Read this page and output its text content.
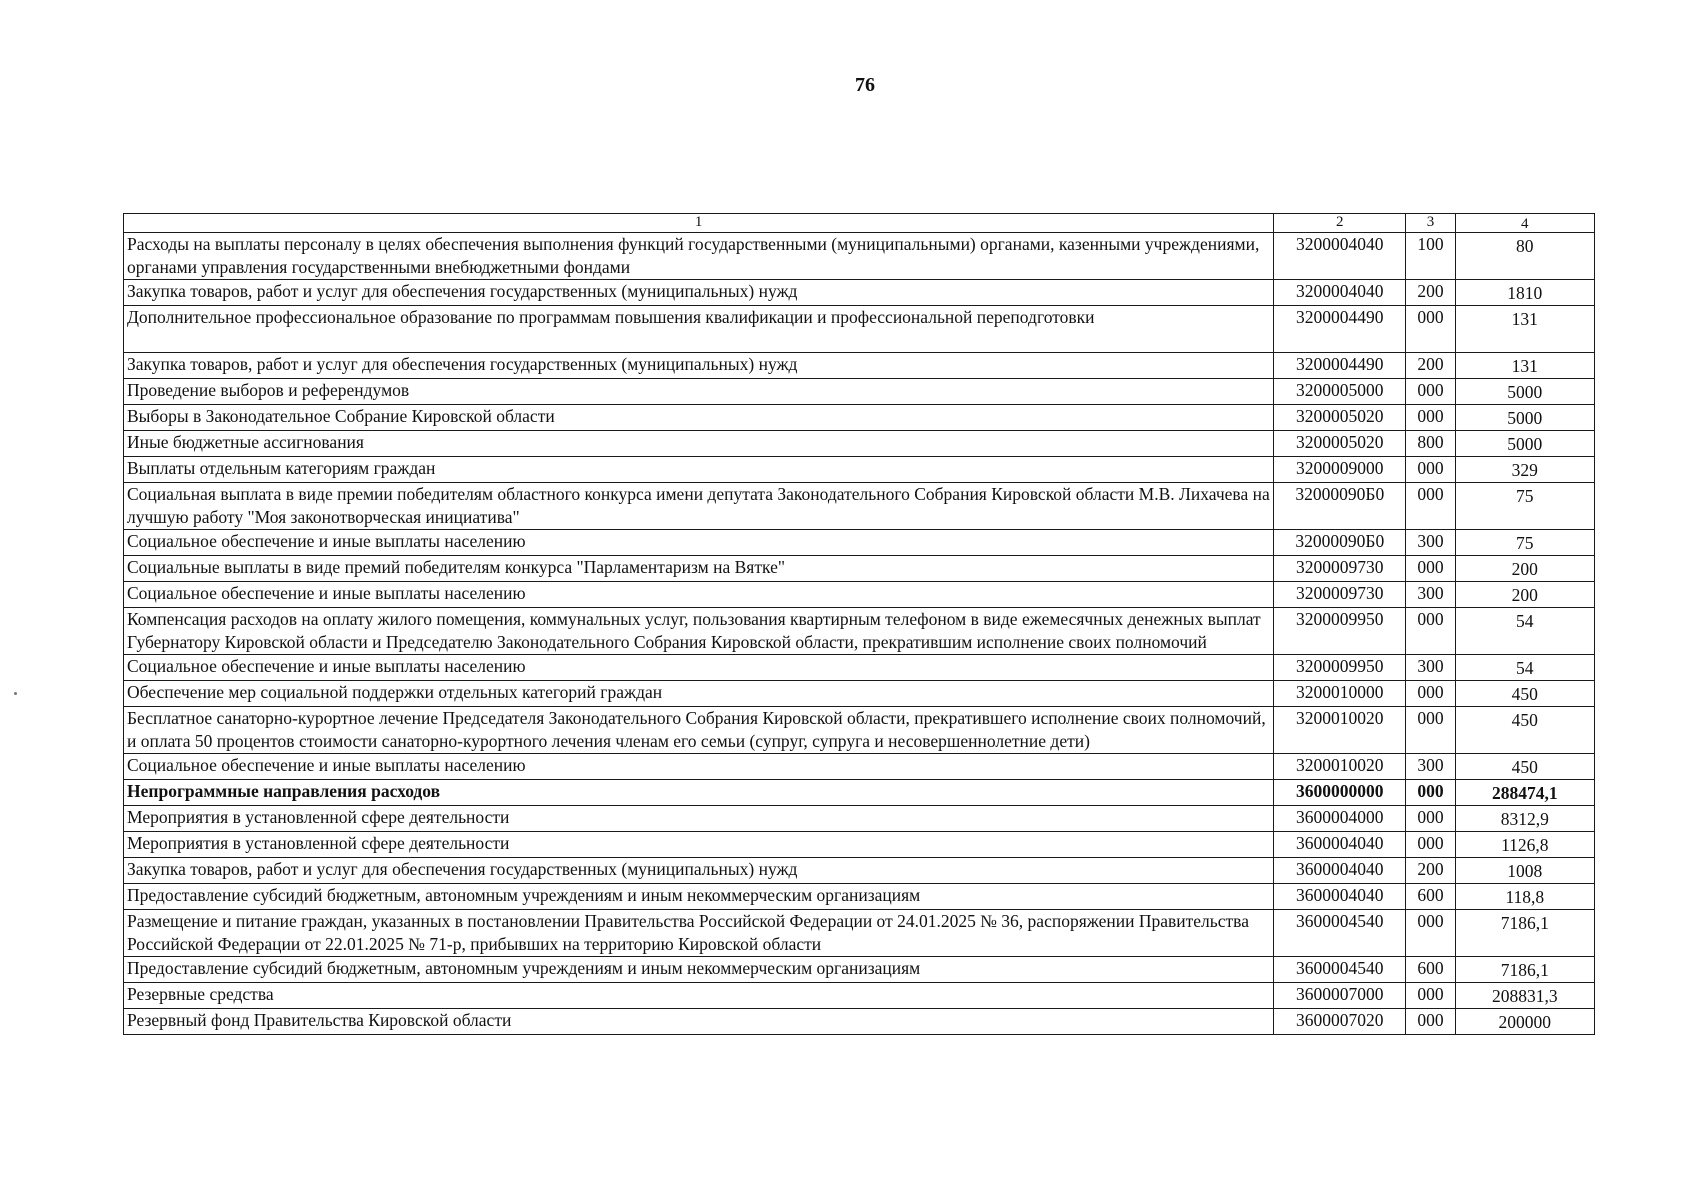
76
1	2	3	4
Расходы на выплаты персоналу в целях обеспечения выполнения функций государственными (муниципальными) органами, казенными учреждениями, органами управления государственными внебюджетными фондами	3200004040	100	80
Закупка товаров, работ и услуг для обеспечения государственных (муниципальных) нужд	3200004040	200	1810
Дополнительное профессиональное образование по программам повышения квалификации и профессиональной переподготовки	3200004490	000	131
Закупка товаров, работ и услуг для обеспечения государственных (муниципальных) нужд	3200004490	200	131
Проведение выборов и референдумов	3200005000	000	5000
Выборы в Законодательное Собрание Кировской области	3200005020	000	5000
Иные бюджетные ассигнования	3200005020	800	5000
Выплаты отдельным категориям граждан	3200009000	000	329
Социальная выплата в виде премии победителям областного конкурса имени депутата Законодательного Собрания Кировской области М.В. Лихачева на лучшую работу "Моя законотворческая инициатива"	32000090Б0	000	75
Социальное обеспечение и иные выплаты населению	32000090Б0	300	75
Социальные выплаты в виде премий победителям конкурса "Парламентаризм на Вятке"	3200009730	000	200
Социальное обеспечение и иные выплаты населению	3200009730	300	200
Компенсация расходов на оплату жилого помещения, коммунальных услуг, пользования квартирным телефоном в виде ежемесячных денежных выплат Губернатору Кировской области и Председателю Законодательного Собрания Кировской области, прекратившим исполнение своих полномочий	3200009950	000	54
Социальное обеспечение и иные выплаты населению	3200009950	300	54
Обеспечение мер социальной поддержки отдельных категорий граждан	3200010000	000	450
Бесплатное санаторно-курортное лечение Председателя Законодательного Собрания Кировской области, прекратившего исполнение своих полномочий, и оплата 50 процентов стоимости санаторно-курортного лечения членам его семьи (супруг, супруга и несовершеннолетние дети)	3200010020	000	450
Социальное обеспечение и иные выплаты населению	3200010020	300	450
Непрограммные направления расходов	3600000000	000	288474,1
Мероприятия в установленной сфере деятельности	3600004000	000	8312,9
Мероприятия в установленной сфере деятельности	3600004040	000	1126,8
Закупка товаров, работ и услуг для обеспечения государственных (муниципальных) нужд	3600004040	200	1008
Предоставление субсидий бюджетным, автономным учреждениям и иным некоммерческим организациям	3600004040	600	118,8
Размещение и питание граждан, указанных в постановлении Правительства Российской Федерации от 24.01.2025 № 36, распоряжении Правительства Российской Федерации от 22.01.2025 № 71-р, прибывших на территорию Кировской области	3600004540	000	7186,1
Предоставление субсидий бюджетным, автономным учреждениям и иным некоммерческим организациям	3600004540	600	7186,1
Резервные средства	3600007000	000	208831,3
Резервный фонд Правительства Кировской области	3600007020	000	200000
